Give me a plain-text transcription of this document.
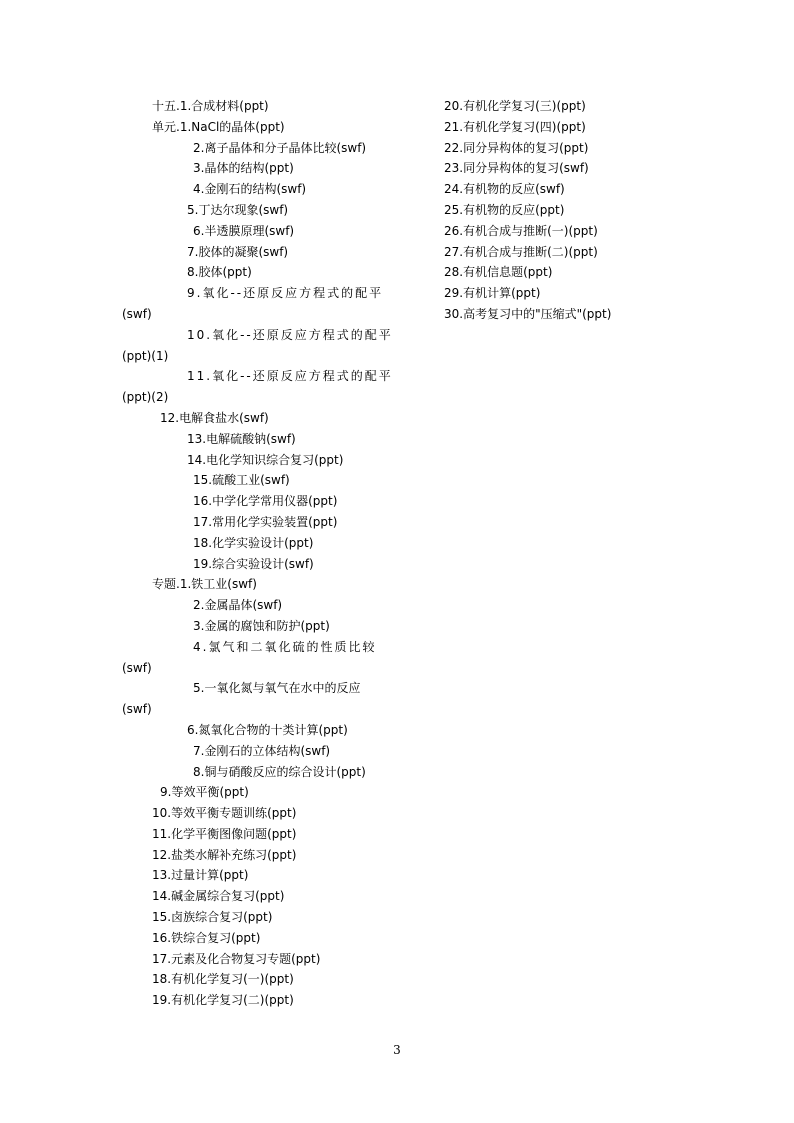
十五.1.合成材料(ppt)
单元.1.NaCl的晶体(ppt)
2.离子晶体和分子晶体比较(swf)
3.晶体的结构(ppt)
4.金刚石的结构(swf)
5.丁达尔现象(swf)
6.半透膜原理(swf)
7.胶体的凝聚(swf)
8.胶体(ppt)
9.氧化--还原反应方程式的配平
(swf)
10.氧化--还原反应方程式的配平
(ppt)(1)
11.氧化--还原反应方程式的配平
(ppt)(2)
12.电解食盐水(swf)
13.电解硫酸钠(swf)
14.电化学知识综合复习(ppt)
15.硫酸工业(swf)
16.中学化学常用仪器(ppt)
17.常用化学实验装置(ppt)
18.化学实验设计(ppt)
19.综合实验设计(swf)
专题.1.铁工业(swf)
2.金属晶体(swf)
3.金属的腐蚀和防护(ppt)
4.氯气和二氧化硫的性质比较
(swf)
5.一氧化氮与氧气在水中的反应
(swf)
6.氮氧化合物的十类计算(ppt)
7.金刚石的立体结构(swf)
8.铜与硝酸反应的综合设计(ppt)
9.等效平衡(ppt)
10.等效平衡专题训练(ppt)
11.化学平衡图像问题(ppt)
12.盐类水解补充练习(ppt)
13.过量计算(ppt)
14.碱金属综合复习(ppt)
15.卤族综合复习(ppt)
16.铁综合复习(ppt)
17.元素及化合物复习专题(ppt)
18.有机化学复习(一)(ppt)
19.有机化学复习(二)(ppt)
20.有机化学复习(三)(ppt)
21.有机化学复习(四)(ppt)
22.同分异构体的复习(ppt)
23.同分异构体的复习(swf)
24.有机物的反应(swf)
25.有机物的反应(ppt)
26.有机合成与推断(一)(ppt)
27.有机合成与推断(二)(ppt)
28.有机信息题(ppt)
29.有机计算(ppt)
30.高考复习中的"压缩式"(ppt)
3
